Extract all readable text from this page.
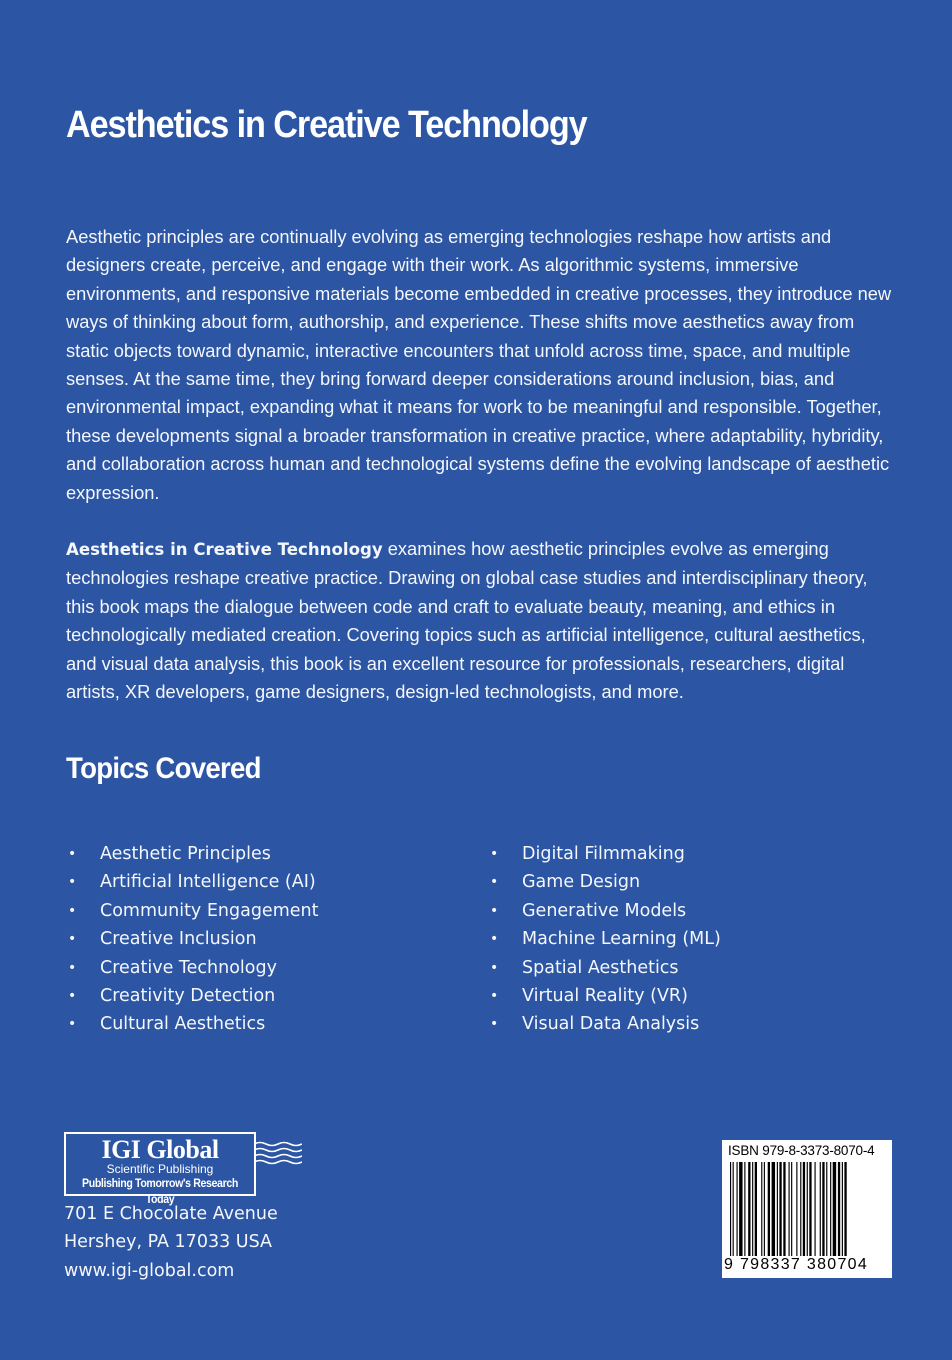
Aesthetics in Creative Technology

Aesthetic principles are continually evolving as emerging technologies reshape how artists and designers create, perceive, and engage with their work. As algorithmic systems, immersive environments, and responsive materials become embedded in creative processes, they introduce new ways of thinking about form, authorship, and experience. These shifts move aesthetics away from static objects toward dynamic, interactive encounters that unfold across time, space, and multiple senses. At the same time, they bring forward deeper considerations around inclusion, bias, and environmental impact, expanding what it means for work to be meaningful and responsible. Together, these developments signal a broader transformation in creative practice, where adaptability, hybridity, and collaboration across human and technological systems define the evolving landscape of aesthetic expression.

Aesthetics in Creative Technology examines how aesthetic principles evolve as emerging technologies reshape creative practice. Drawing on global case studies and interdisciplinary theory, this book maps the dialogue between code and craft to evaluate beauty, meaning, and ethics in technologically mediated creation. Covering topics such as artificial intelligence, cultural aesthetics, and visual data analysis, this book is an excellent resource for professionals, researchers, digital artists, XR developers, game designers, design-led technologists, and more.

Topics Covered
• Aesthetic Principles
• Artificial Intelligence (AI)
• Community Engagement
• Creative Inclusion
• Creative Technology
• Creativity Detection
• Cultural Aesthetics
• Digital Filmmaking
• Game Design
• Generative Models
• Machine Learning (ML)
• Spatial Aesthetics
• Virtual Reality (VR)
• Visual Data Analysis
IGI Global
Scientific Publishing
Publishing Tomorrow's Research Today

701 E Chocolate Avenue

Hershey, PA 17033 USA

www.igi-global.com

ISBN 979-8-3373-8070-4
9 798337 380704
